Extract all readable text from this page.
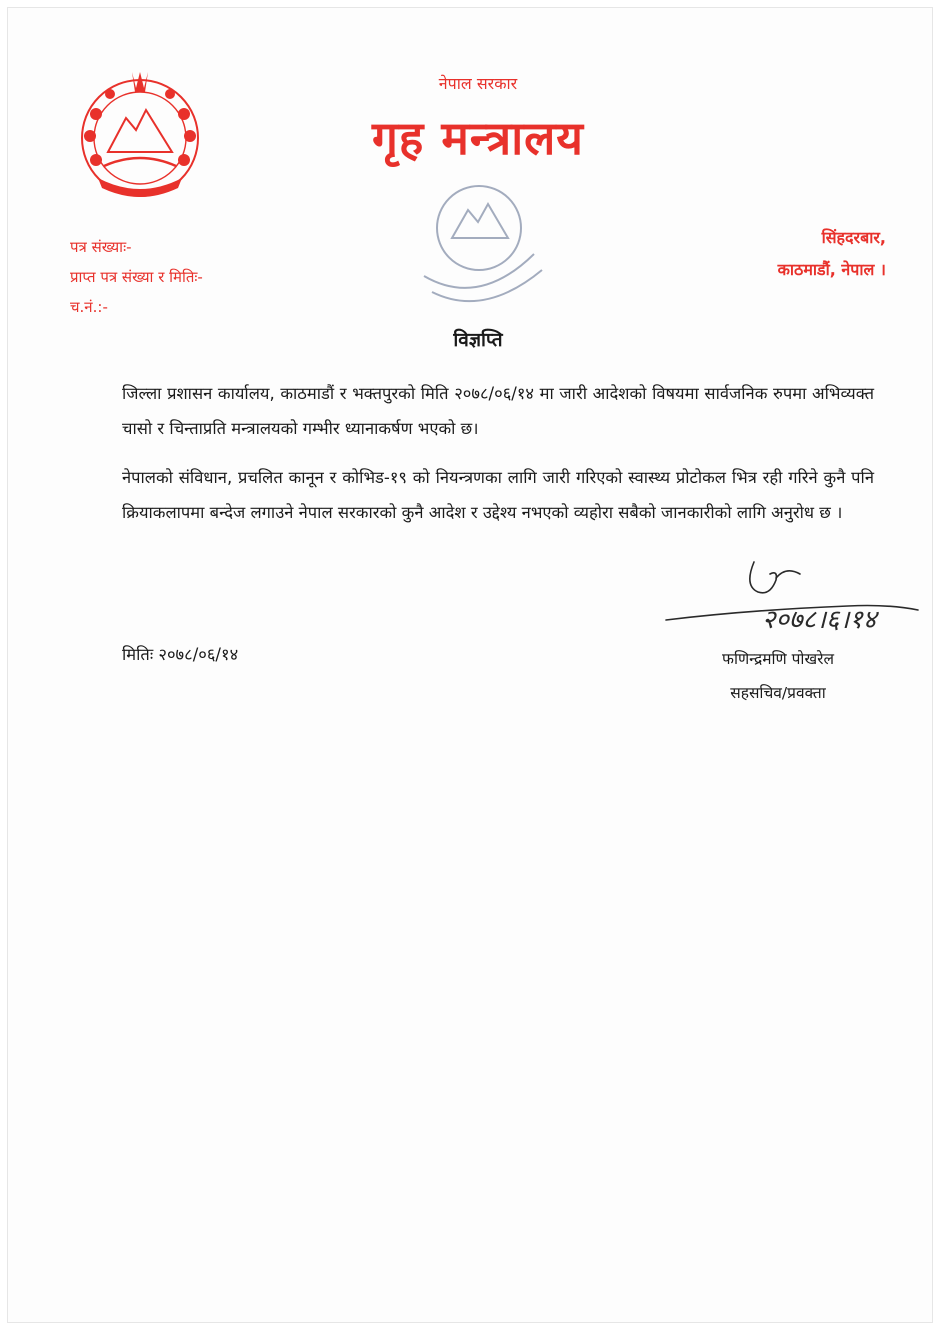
नेपाल सरकार
गृह मन्त्रालय
पत्र संख्याः-
प्राप्त पत्र संख्या र मितिः-
च.नं.:-
सिंहदरबार,
काठमाडौं, नेपाल ।
विज्ञप्ति

जिल्ला प्रशासन कार्यालय, काठमाडौं र भक्तपुरको मिति २०७८/०६/१४ मा जारी आदेशको विषयमा सार्वजनिक रुपमा अभिव्यक्त चासो र चिन्ताप्रति मन्त्रालयको गम्भीर ध्यानाकर्षण भएको छ।

नेपालको संविधान, प्रचलित कानून र कोभिड-१९ को नियन्त्रणका लागि जारी गरिएको स्वास्थ्य प्रोटोकल भित्र रही गरिने कुनै पनि क्रियाकलापमा बन्देज लगाउने नेपाल सरकारको कुनै आदेश र उद्देश्य नभएको व्यहोरा सबैको जानकारीको लागि अनुरोध छ ।

मितिः २०७८/०६/१४
२०७८।६।१४
फणिन्द्रमणि पोखरेल
सहसचिव/प्रवक्ता
